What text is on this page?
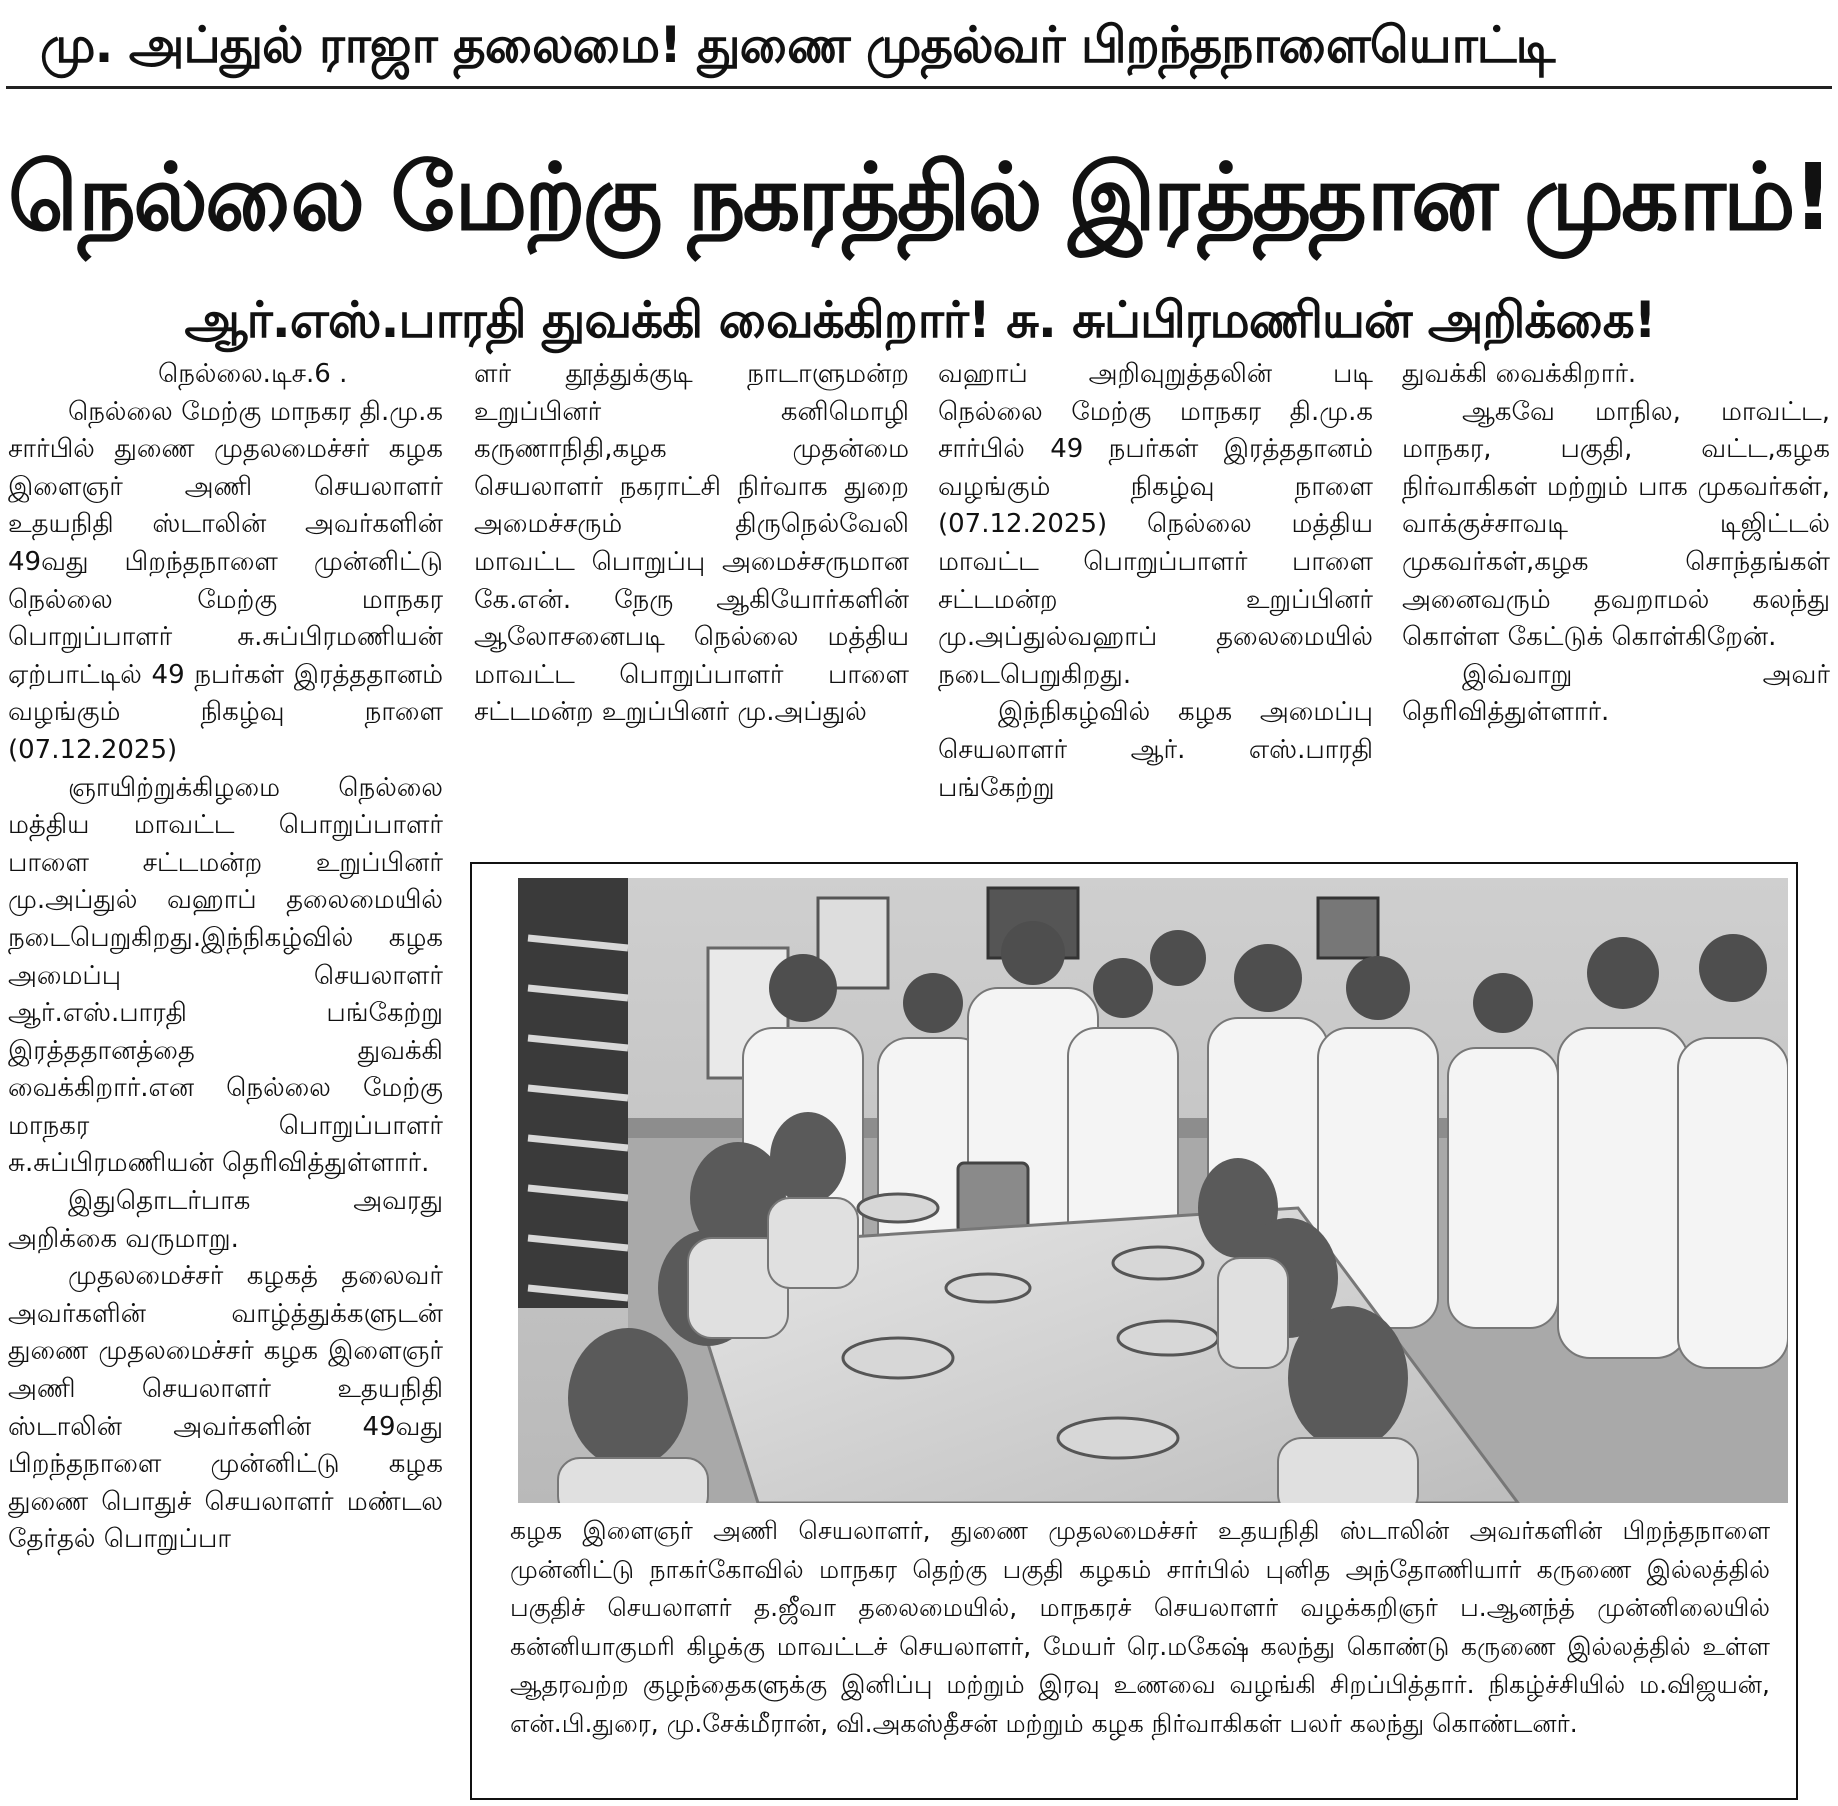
மு. அப்துல் ராஜா தலைமை! துணை முதல்வர் பிறந்தநாளையொட்டி
நெல்லை மேற்கு நகரத்தில் இரத்ததான முகாம்!
ஆர்.எஸ்.பாரதி துவக்கி வைக்கிறார்! சு. சுப்பிரமணியன் அறிக்கை!

நெல்லை.டிச.6 .

நெல்லை மேற்கு மாநகர தி.மு.க சார்பில் துணை முதலமைச்சர் கழக இளைஞர் அணி செயலாளர் உதயநிதி ஸ்டாலின் அவர்களின் 49வது பிறந்தநாளை முன்னிட்டு நெல்லை மேற்கு மாநகர பொறுப்பாளர் சு.சுப்பிரமணியன் ஏற்பாட்டில் 49 நபர்கள் இரத்ததானம் வழங்கும் நிகழ்வு நாளை (07.12.2025)

ஞாயிற்றுக்கிழமை நெல்லை மத்திய மாவட்ட பொறுப்பாளர் பாளை சட்டமன்ற உறுப்பினர் மு.அப்துல் வஹாப் தலைமையில் நடைபெறுகிறது.இந்நிகழ்வில் கழக அமைப்பு செயலாளர் ஆர்.எஸ்.பாரதி பங்கேற்று இரத்ததானத்தை துவக்கி வைக்கிறார்.என நெல்லை மேற்கு மாநகர பொறுப்பாளர் சு.சுப்பிரமணியன் தெரிவித்துள்ளார்.

இதுதொடர்பாக அவரது அறிக்கை வருமாறு.

முதலமைச்சர் கழகத் தலைவர் அவர்களின் வாழ்த்துக்களுடன் துணை முதலமைச்சர் கழக இளைஞர் அணி செயலாளர் உதயநிதி ஸ்டாலின் அவர்களின் 49வது பிறந்தநாளை முன்னிட்டு கழக துணை பொதுச் செயலாளர் மண்டல தேர்தல் பொறுப்பா

ளர் தூத்துக்குடி நாடாளுமன்ற உறுப்பினர் கனிமொழி கருணாநிதி,கழக முதன்மை செயலாளர் நகராட்சி நிர்வாக துறை அமைச்சரும் திருநெல்வேலி மாவட்ட பொறுப்பு அமைச்சருமான கே.என். நேரு ஆகியோர்களின் ஆலோசனைபடி நெல்லை மத்திய மாவட்ட பொறுப்பாளர் பாளை சட்டமன்ற உறுப்பினர் மு.அப்துல்

வஹாப் அறிவுறுத்தலின் படி நெல்லை மேற்கு மாநகர தி.மு.க சார்பில் 49 நபர்கள் இரத்ததானம் வழங்கும் நிகழ்வு நாளை (07.12.2025) நெல்லை மத்திய மாவட்ட பொறுப்பாளர் பாளை சட்டமன்ற உறுப்பினர் மு.அப்துல்வஹாப் தலைமையில் நடைபெறுகிறது.

இந்நிகழ்வில் கழக அமைப்பு செயலாளர் ஆர். எஸ்.பாரதி பங்கேற்று

துவக்கி வைக்கிறார்.

ஆகவே மாநில, மாவட்ட, மாநகர, பகுதி, வட்ட,கழக நிர்வாகிகள் மற்றும் பாக முகவர்கள், வாக்குச்சாவடி டிஜிட்டல் முகவர்கள்,கழக சொந்தங்கள் அனைவரும் தவறாமல் கலந்து கொள்ள கேட்டுக் கொள்கிறேன்.

இவ்வாறு அவர் தெரிவித்துள்ளார்.

கழக இளைஞர் அணி செயலாளர், துணை முதலமைச்சர் உதயநிதி ஸ்டாலின் அவர்களின் பிறந்தநாளை முன்னிட்டு நாகர்கோவில் மாநகர தெற்கு பகுதி கழகம் சார்பில் புனித அந்தோணியார் கருணை இல்லத்தில் பகுதிச் செயலாளர் த.ஜீவா தலைமையில், மாநகரச் செயலாளர் வழக்கறிஞர் ப.ஆனந்த் முன்னிலையில் கன்னியாகுமரி கிழக்கு மாவட்டச் செயலாளர், மேயர் ரெ.மகேஷ் கலந்து கொண்டு கருணை இல்லத்தில் உள்ள ஆதரவற்ற குழந்தைகளுக்கு இனிப்பு மற்றும் இரவு உணவை வழங்கி சிறப்பித்தார். நிகழ்ச்சியில் ம.விஜயன், என்.பி.துரை, மு.சேக்மீரான், வி.அகஸ்தீசன் மற்றும் கழக நிர்வாகிகள் பலர் கலந்து கொண்டனர்.
